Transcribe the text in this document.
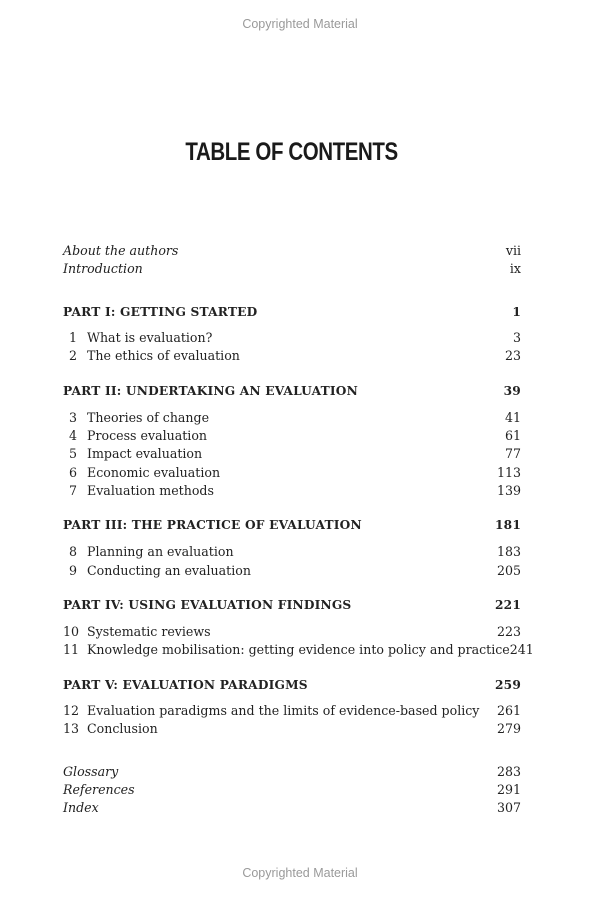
Copyrighted Material
TABLE OF CONTENTS
About the authors	vii
Introduction	ix
PART I: GETTING STARTED	1
1 What is evaluation?	3
2 The ethics of evaluation	23
PART II: UNDERTAKING AN EVALUATION	39
3 Theories of change	41
4 Process evaluation	61
5 Impact evaluation	77
6 Economic evaluation	113
7 Evaluation methods	139
PART III: THE PRACTICE OF EVALUATION	181
8 Planning an evaluation	183
9 Conducting an evaluation	205
PART IV: USING EVALUATION FINDINGS	221
10 Systematic reviews	223
11 Knowledge mobilisation: getting evidence into policy and practice 241
PART V: EVALUATION PARADIGMS	259
12 Evaluation paradigms and the limits of evidence-based policy	261
13 Conclusion	279
Glossary	283
References	291
Index	307
Copyrighted Material
